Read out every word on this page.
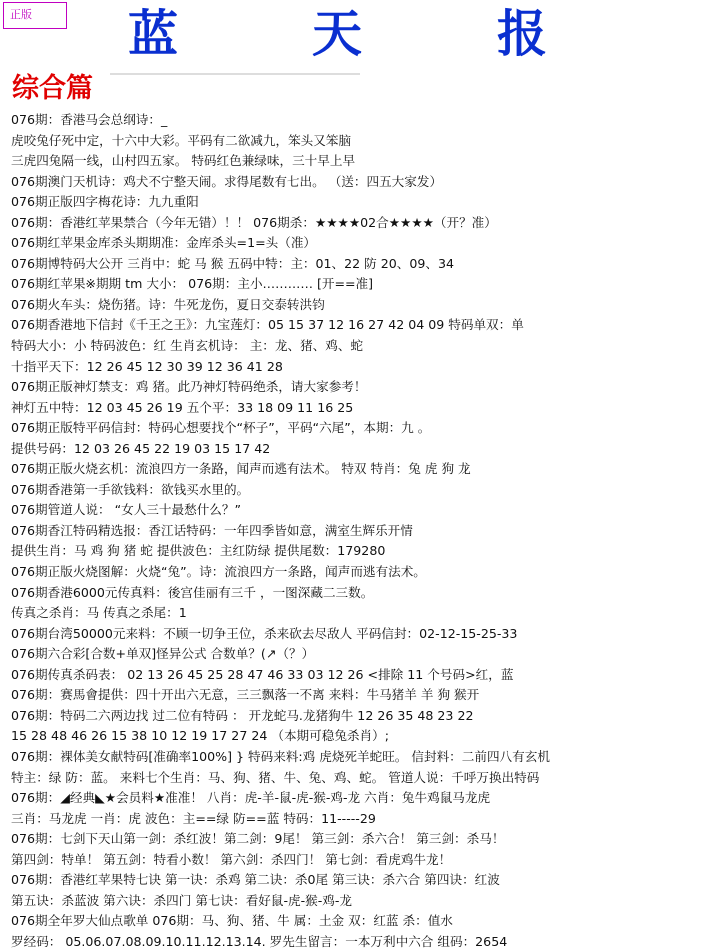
正版	蓝	天	报
综合篇
076期：香港马会总纲诗：_
虎咬兔仔死中定，十六中大彩。平码有二欲减九，笨头又笨脑
三虎四兔隔一线，山村四五家。 特码红色兼绿味，三十早上早
076期澳门天机诗：鸡犬不宁整天闹。求得尾数有七出。 （送：四五大家发）
076期正版四字梅花诗：九九重阳
076期：香港红苹果禁合（今年无错）！！ 076期杀：★★★★02合★★★★（开？准）
076期红苹果金库杀头期期准：金库杀头=1=头（准）
076期博特码大公开 三肖中：蛇 马 猴 五码中特：主：01、22 防 20、09、34
076期红苹果※期期 tm 大小： 076期：主小………… [开==准]
076期火车头：烧伤猪。诗：牛死龙伤，夏日交泰转洪钧
076期香港地下信封《千王之王》：九宝莲灯：05 15 37 12 16 27 42 04 09 特码单双：单
特码大小：小 特码波色：红 生肖玄机诗： 主：龙、猪、鸡、蛇
十指平天下：12 26 45 12 30 39 12 36 41 28
076期正版神灯禁支：鸡 猪。此乃神灯特码绝杀，请大家参考！
神灯五中特：12 03 45 26 19 五个平：33 18 09 11 16 25
076期正版特平码信封：特码心想要找个“杯子”，平码“六尾”，本期：九 。
提供号码：12 03 26 45 22 19 03 15 17 42
076期正版火烧玄机：流浪四方一条路，闻声而逃有法术。 特双 特肖：兔 虎 狗 龙
076期香港第一手欲钱料：欲钱买水里的。
076期管道人说： “女人三十最愁什么？”
076期香江特码精选报：香江话特码：一年四季皆如意，满室生辉乐开情
提供生肖：马 鸡 狗 猪 蛇 提供波色：主红防绿 提供尾数：179280
076期正版火烧图解：火烧“兔”。诗：流浪四方一条路，闻声而逃有法术。
076期香港6000元传真料：後宫佳丽有三千 ，一图深藏二三数。
传真之杀肖：马 传真之杀尾：1
076期台湾50000元来料：不顾一切争王位，杀来砍去尽敌人 平码信封：02-12-15-25-33
076期六合彩[合数+单双]怪异公式 合数单？(↗（？）
076期传真杀码表： 02 13 26 45 25 28 47 46 33 03 12 26 <排除 11 个号码>红，蓝
076期：赛馬會提供：四十开出六无意，三三飘落一不离 来料：牛马猪羊 羊 狗 猴开
076期：特码二六两边找 过二位有特码 ： 开龙蛇马.龙猪狗牛 12 26 35 48 23 22
15 28 48 46 26 15 38 10 12 19 17 27 24 （本期可稳兔杀肖）;
076期：裸体美女献特码[准确率100%] } 特码来料:鸡 虎烧死羊蛇旺。 信封料：二前四八有玄机
特主：绿 防：蓝。 来料七个生肖：马、狗、猪、牛、兔、鸡、蛇。 管道人说：千呼万换出特码
076期：◢经典◣★会员料★准准！ 八肖：虎-羊-鼠-虎-猴-鸡-龙 六肖：兔牛鸡鼠马龙虎
三肖：马龙虎 一肖：虎 波色：主==绿 防==蓝 特码：11-----29
076期：七剑下天山第一剑：杀红波！第二剑：9尾！ 第三剑：杀六合！ 第三剑：杀马！
第四剑：特单！ 第五剑：特看小数！ 第六剑：杀四门！ 第七剑：看虎鸡牛龙！
076期：香港红苹果特七诀 第一诀：杀鸡 第二诀：杀0尾 第三诀：杀六合 第四诀：红波
第五诀：杀蓝波 第六诀：杀四门 第七诀：看好鼠-虎-猴-鸡-龙
076期全年罗大仙点歌单 076期：马、狗、猪、牛 属：土金 双：红蓝 杀：值水
罗经码： 05.06.07.08.09.10.11.12.13.14. 罗先生留言：一本万利中六合 组码：2654
